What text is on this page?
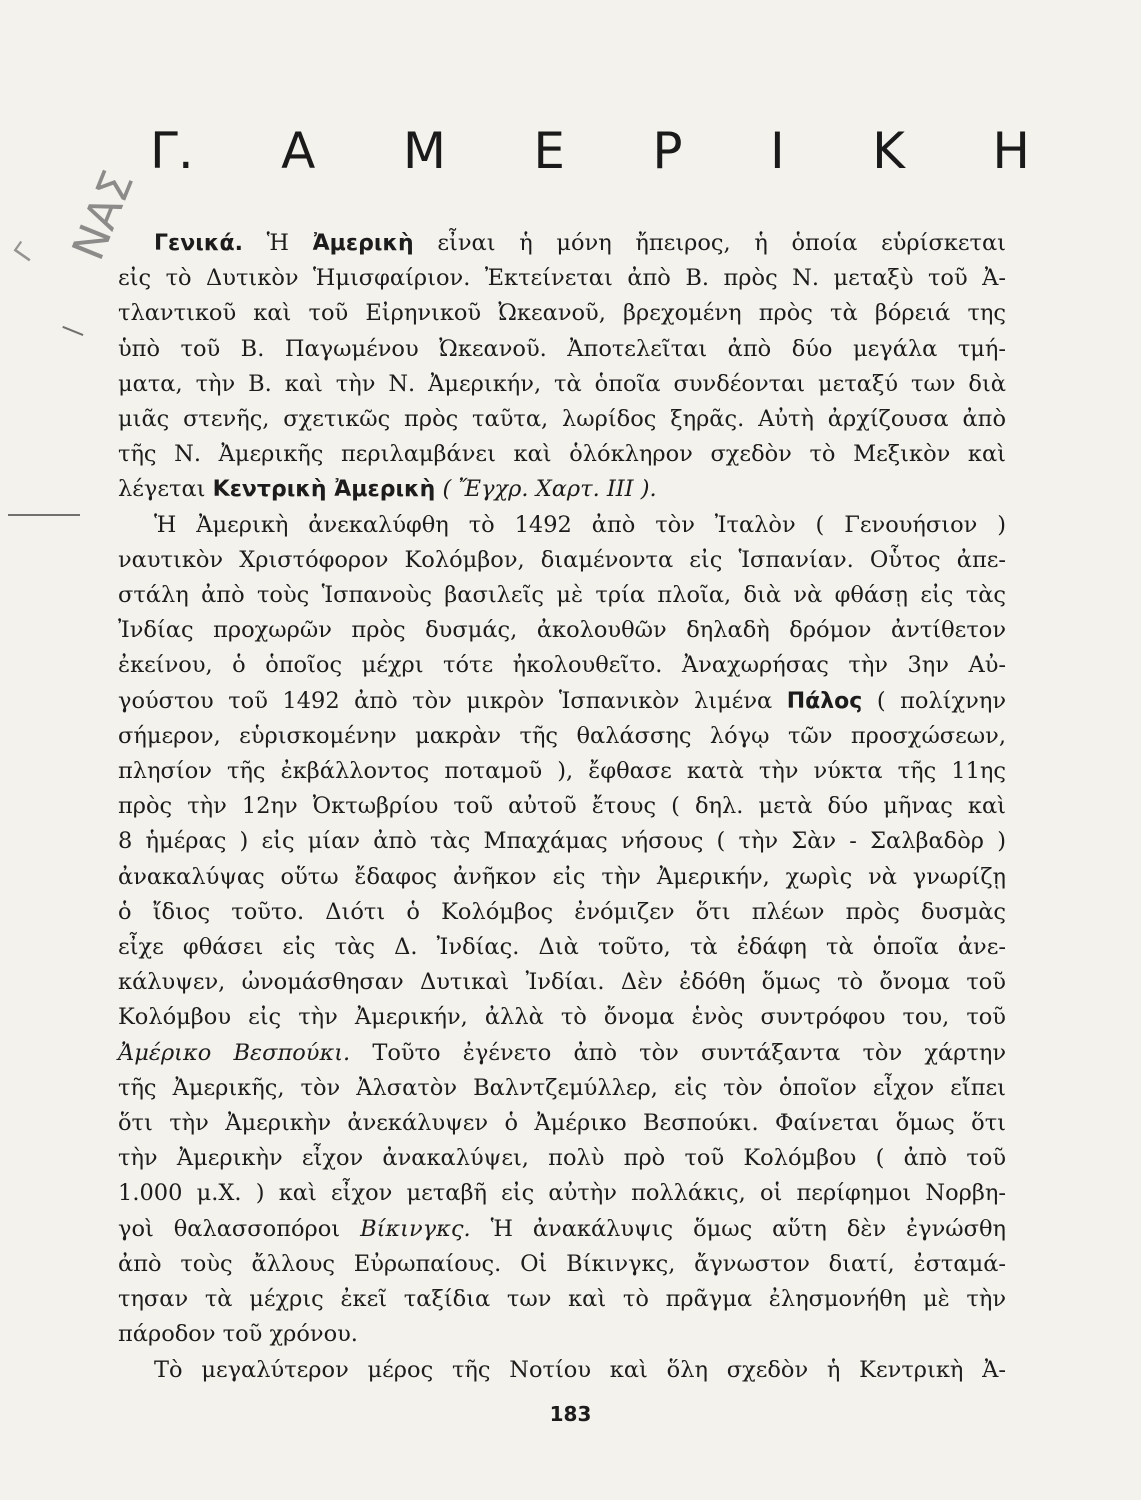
Γ. Α Μ Ε Ρ Ι Κ Η
ΝΑΣ
Γ	Γενικά. Ἡ Ἀμερικὴ εἶναι ἡ μόνη ἤπειρος, ἡ ὁποία εὑρίσκεται
εἰς τὸ Δυτικὸν Ἡμισφαίριον. Ἐκτείνεται ἀπὸ Β. πρὸς Ν. μεταξὺ τοῦ Ἀ-
τλαντικοῦ καὶ τοῦ Εἰρηνικοῦ Ὠκεανοῦ, βρεχομένη πρὸς τὰ βόρειά της
ὑπὸ τοῦ Β. Παγωμένου Ὠκεανοῦ. Ἀποτελεῖται ἀπὸ δύο μεγάλα τμή-
ματα, τὴν Β. καὶ τὴν Ν. Ἀμερικήν, τὰ ὁποῖα συνδέονται μεταξύ των διὰ
μιᾶς στενῆς, σχετικῶς πρὸς ταῦτα, λωρίδος ξηρᾶς. Αὐτὴ ἀρχίζουσα ἀπὸ
τῆς Ν. Ἀμερικῆς περιλαμβάνει καὶ ὁλόκληρον σχεδὸν τὸ Μεξικὸν καὶ
λέγεται Κεντρικὴ Ἀμερικὴ ( Ἔγχρ. Χαρτ. III ).
Ἡ Ἀμερικὴ ἀνεκαλύφθη τὸ 1492 ἀπὸ τὸν Ἰταλὸν ( Γενουήσιον )
ναυτικὸν Χριστόφορον Κολόμβον, διαμένοντα εἰς Ἱσπανίαν. Οὗτος ἀπε-
στάλη ἀπὸ τοὺς Ἱσπανοὺς βασιλεῖς μὲ τρία πλοῖα, διὰ νὰ φθάσῃ εἰς τὰς
Ἰνδίας προχωρῶν πρὸς δυσμάς, ἀκολουθῶν δηλαδὴ δρόμον ἀντίθετον
ἐκείνου, ὁ ὁποῖος μέχρι τότε ἠκολουθεῖτο. Ἀναχωρήσας τὴν 3ην Αὐ-
γούστου τοῦ 1492 ἀπὸ τὸν μικρὸν Ἱσπανικὸν λιμένα Πάλος ( πολίχνην
σήμερον, εὑρισκομένην μακρὰν τῆς θαλάσσης λόγῳ τῶν προσχώσεων,
πλησίον τῆς ἐκβάλλοντος ποταμοῦ ), ἔφθασε κατὰ τὴν νύκτα τῆς 11ης
πρὸς τὴν 12ην Ὀκτωβρίου τοῦ αὐτοῦ ἔτους ( δηλ. μετὰ δύο μῆνας καὶ
8 ἡμέρας ) εἰς μίαν ἀπὸ τὰς Μπαχάμας νήσους ( τὴν Σὰν - Σαλβαδὸρ )
ἀνακαλύψας οὕτω ἔδαφος ἀνῆκον εἰς τὴν Ἀμερικήν, χωρὶς νὰ γνωρίζῃ
ὁ ἴδιος τοῦτο. Διότι ὁ Κολόμβος ἐνόμιζεν ὅτι πλέων πρὸς δυσμὰς
εἶχε φθάσει εἰς τὰς Δ. Ἰνδίας. Διὰ τοῦτο, τὰ ἐδάφη τὰ ὁποῖα ἀνε-
κάλυψεν, ὠνομάσθησαν Δυτικαὶ Ἰνδίαι. Δὲν ἐδόθη ὅμως τὸ ὄνομα τοῦ
Κολόμβου εἰς τὴν Ἀμερικήν, ἀλλὰ τὸ ὄνομα ἑνὸς συντρόφου του, τοῦ
Ἀμέρικο Βεσπούκι. Τοῦτο ἐγένετο ἀπὸ τὸν συντάξαντα τὸν χάρτην
τῆς Ἀμερικῆς, τὸν Ἀλσατὸν Βαλντζεμύλλερ, εἰς τὸν ὁποῖον εἶχον εἴπει
ὅτι τὴν Ἀμερικὴν ἀνεκάλυψεν ὁ Ἀμέρικο Βεσπούκι. Φαίνεται ὅμως ὅτι
τὴν Ἀμερικὴν εἶχον ἀνακαλύψει, πολὺ πρὸ τοῦ Κολόμβου ( ἀπὸ τοῦ
1.000 μ.Χ. ) καὶ εἶχον μεταβῆ εἰς αὐτὴν πολλάκις, οἱ περίφημοι Νορβη-
γοὶ θαλασσοπόροι Βίκινγκς. Ἡ ἀνακάλυψις ὅμως αὕτη δὲν ἐγνώσθη
ἀπὸ τοὺς ἄλλους Εὐρωπαίους. Οἱ Βίκινγκς, ἄγνωστον διατί, ἐσταμά-
τησαν τὰ μέχρις ἐκεῖ ταξίδια των καὶ τὸ πρᾶγμα ἐλησμονήθη μὲ τὴν
πάροδον τοῦ χρόνου.
Τὸ μεγαλύτερον μέρος τῆς Νοτίου καὶ ὅλη σχεδὸν ἡ Κεντρικὴ Ἀ-
183
